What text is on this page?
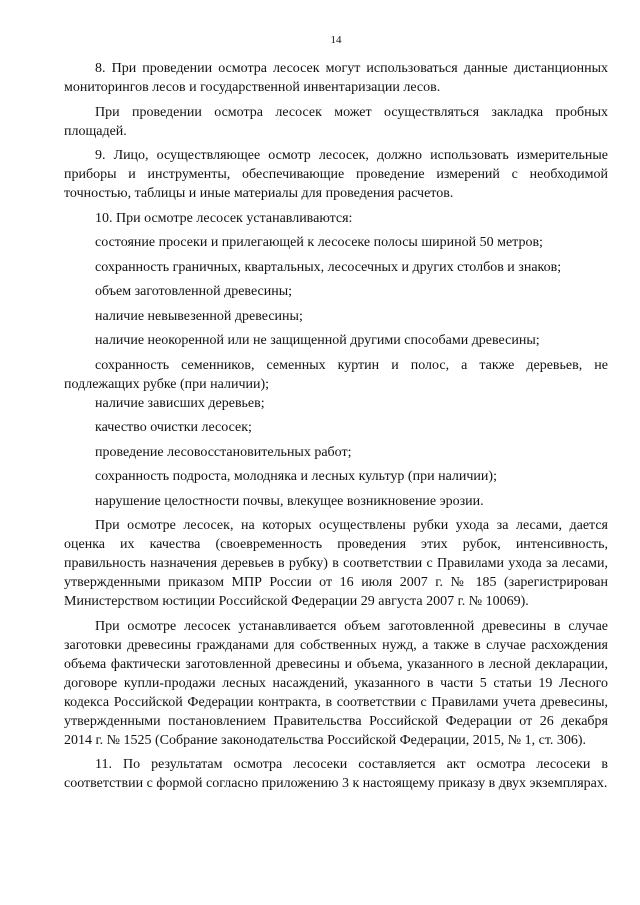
14

8. При проведении осмотра лесосек могут использоваться данные дистанционных мониторингов лесов и государственной инвентаризации лесов.

При проведении осмотра лесосек может осуществляться закладка пробных площадей.

9. Лицо, осуществляющее осмотр лесосек, должно использовать измерительные приборы и инструменты, обеспечивающие проведение измерений с необходимой точностью, таблицы и иные материалы для проведения расчетов.

10. При осмотре лесосек устанавливаются:

состояние просеки и прилегающей к лесосеке полосы шириной 50 метров;

сохранность граничных, квартальных, лесосечных и других столбов и знаков;

объем заготовленной древесины;

наличие невывезенной древесины;

наличие неокоренной или не защищенной другими способами древесины;

сохранность семенников, семенных куртин и полос, а также деревьев, не подлежащих рубке (при наличии);

наличие зависших деревьев;

качество очистки лесосек;

проведение лесовосстановительных работ;

сохранность подроста, молодняка и лесных культур (при наличии);

нарушение целостности почвы, влекущее возникновение эрозии.

При осмотре лесосек, на которых осуществлены рубки ухода за лесами, дается оценка их качества (своевременность проведения этих рубок, интенсивность, правильность назначения деревьев в рубку) в соответствии с Правилами ухода за лесами, утвержденными приказом МПР России от 16 июля 2007 г. № 185 (зарегистрирован Министерством юстиции Российской Федерации 29 августа 2007 г. № 10069).

При осмотре лесосек устанавливается объем заготовленной древесины в случае заготовки древесины гражданами для собственных нужд, а также в случае расхождения объема фактически заготовленной древесины и объема, указанного в лесной декларации, договоре купли-продажи лесных насаждений, указанного в части 5 статьи 19 Лесного кодекса Российской Федерации контракта, в соответствии с Правилами учета древесины, утвержденными постановлением Правительства Российской Федерации от 26 декабря 2014 г. № 1525 (Собрание законодательства Российской Федерации, 2015, № 1, ст. 306).

11. По результатам осмотра лесосеки составляется акт осмотра лесосеки в соответствии с формой согласно приложению 3 к настоящему приказу в двух экземплярах.
